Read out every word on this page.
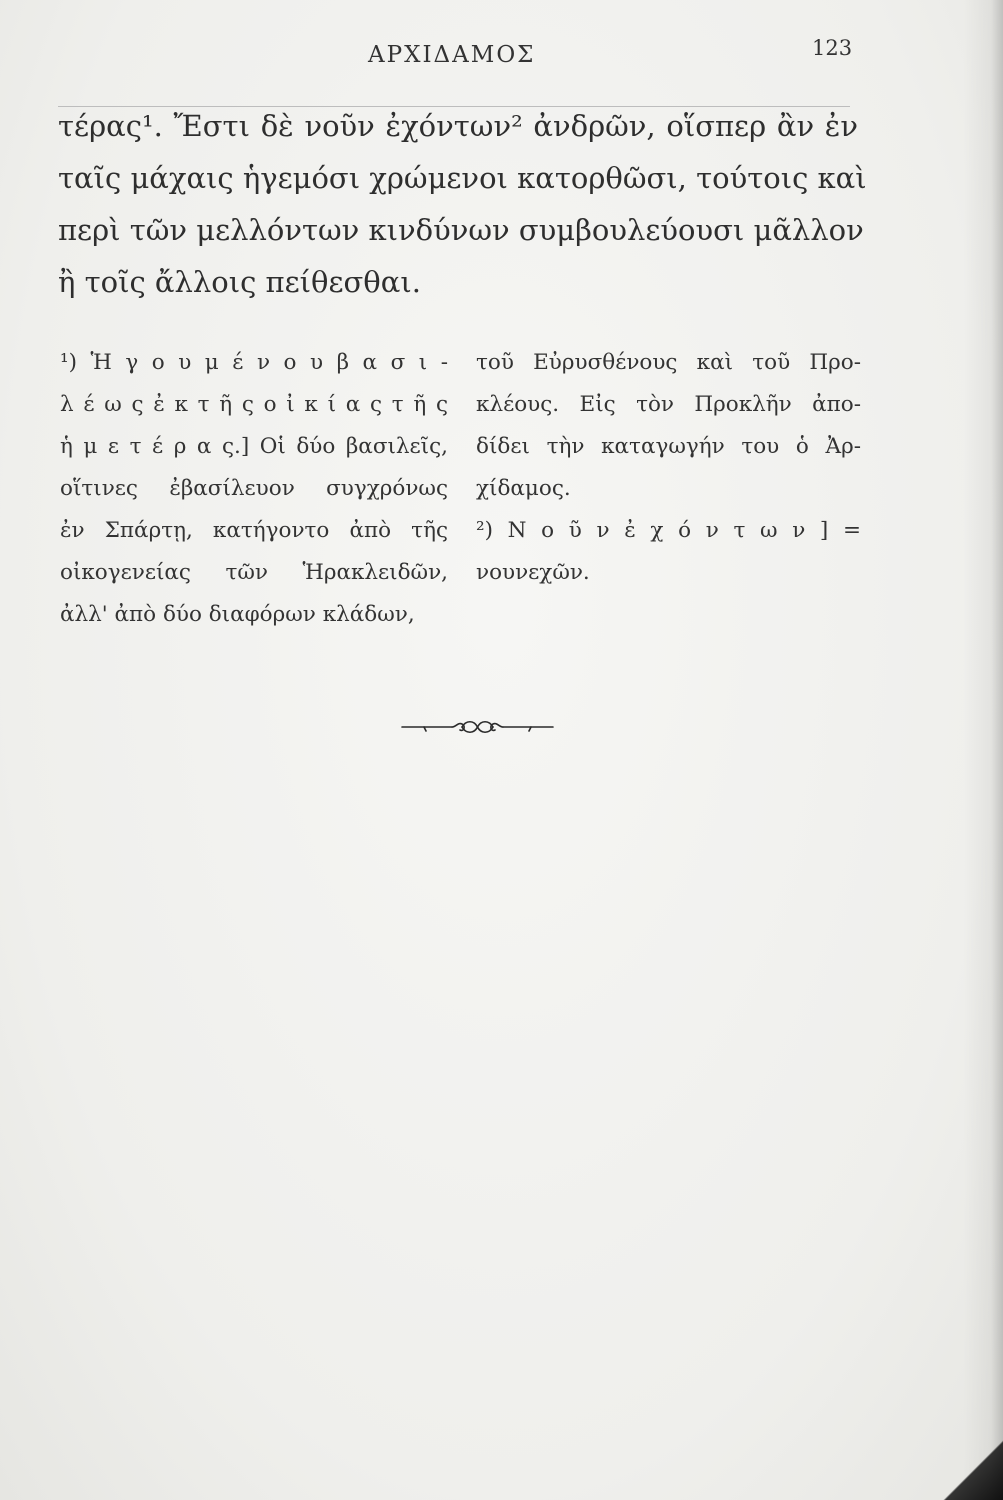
ΑΡΧΙΔΑΜΟΣ	123
τέρας¹. Ἔστι δὲ νοῦν ἐχόντων² ἀνδρῶν, οἵσπερ ἂν ἐν
ταῖς μάχαις ἡγεμόσι χρώμενοι κατορθῶσι, τούτοις καὶ
περὶ τῶν μελλόντων κινδύνων συμβουλεύουσι μᾶλλον
ἢ τοῖς ἄλλοις πείθεσθαι.
¹) Ἡ γ ο υ μ έ ν ο υ β α σ ι -
λ έ ω ς ἐ κ τ ῆ ς ο ἰ κ ί α ς τ ῆ ς
ἡ μ ε τ έ ρ α ς.] Οἱ δύο βασιλεῖς,
οἵτινες ἐβασίλευον συγχρόνως
ἐν Σπάρτῃ, κατήγοντο ἀπὸ τῆς
οἰκογενείας τῶν Ἡρακλειδῶν,
ἀλλ' ἀπὸ δύο διαφόρων κλάδων,
τοῦ Εὐρυσθένους καὶ τοῦ Προ-
κλέους. Εἰς τὸν Προκλῆν ἀπο-
δίδει τὴν καταγωγήν του ὁ Ἀρ-
χίδαμος.
²) Ν ο ῦ ν ἐ χ ό ν τ ω ν ] =
νουνεχῶν.
